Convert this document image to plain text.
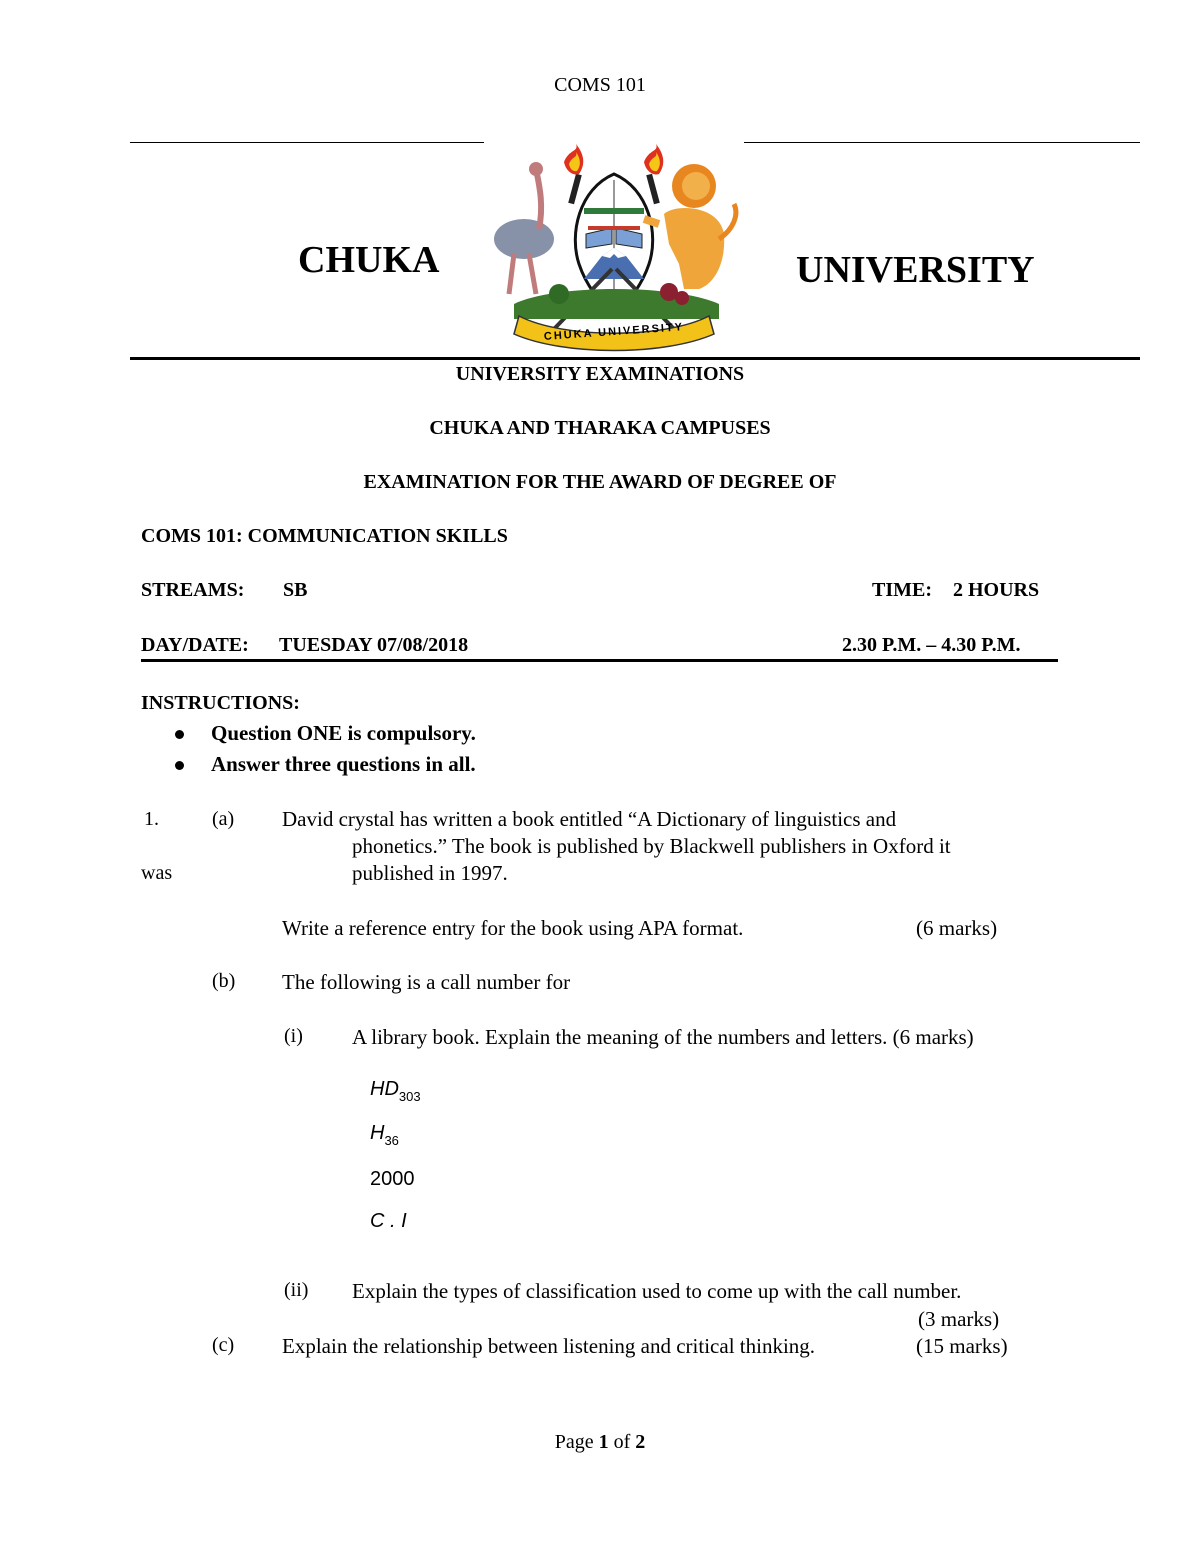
COMS 101
CHUKA	UNIVERSITY
CHUKA UNIVERSITY
UNIVERSITY EXAMINATIONS
CHUKA AND THARAKA CAMPUSES
EXAMINATION FOR THE AWARD OF DEGREE OF
COMS 101: COMMUNICATION SKILLS
STREAMS: SB	TIME: 2 HOURS
DAY/DATE: TUESDAY 07/08/2018	2.30 P.M. – 4.30 P.M.
INSTRUCTIONS:
Question ONE is compulsory.
Answer three questions in all.
1.	(a) David crystal has written a book entitled “A Dictionary of linguistics and
phonetics.” The book is published by Blackwell publishers in Oxford it
was	published in 1997.
Write a reference entry for the book using APA format.	(6 marks)
(b) The following is a call number for
(i) A library book. Explain the meaning of the numbers and letters. (6 marks)
$HD_{303}$
$H_{36}$
2000
C . I
(ii) Explain the types of classification used to come up with the call number.
(3 marks)
(c) Explain the relationship between listening and critical thinking.	(15 marks)
Page 1 of 2
